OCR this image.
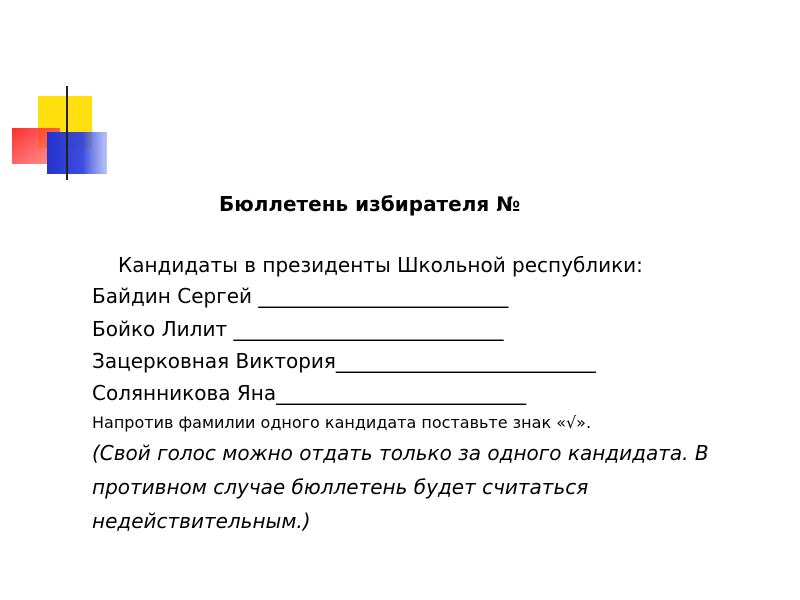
Бюллетень избирателя №
Кандидаты в президенты Школьной республики:
Байдин Сергей _________________________
Бойко Лилит ___________________________
Зацерковная Виктория__________________________
Солянникова Яна_________________________
Напротив фамилии одного кандидата поставьте знак «√».
(Свой голос можно отдать только за одного кандидата. В противном случае бюллетень будет считаться недействительным.)
